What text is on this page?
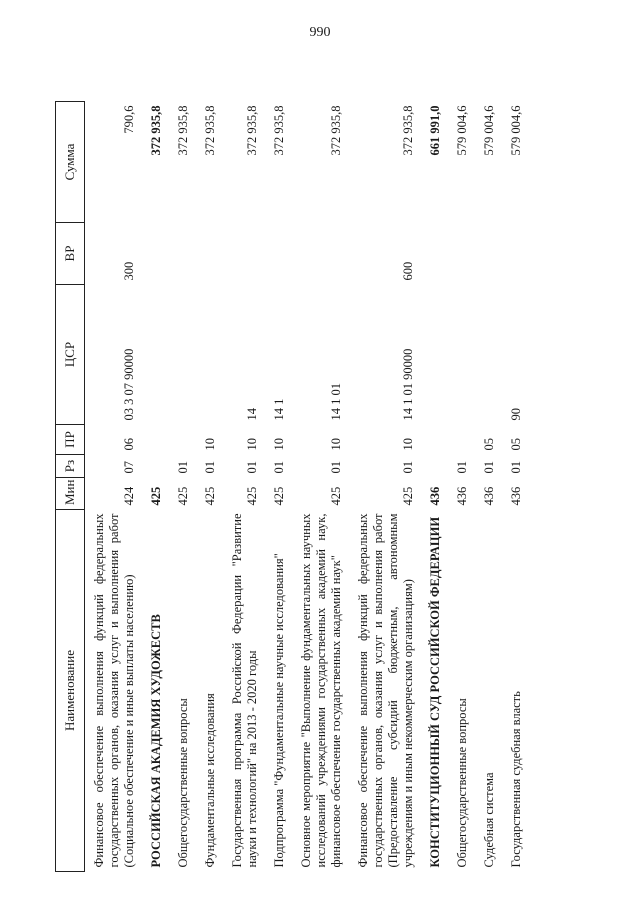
990
Наименование	Мин	Рз	ПР	ЦСР	ВР	Сумма
Финансовое обеспечение выполнения функций федеральных государственных органов, оказания услуг и выполнения работ (Социальное обеспечение и иные выплаты населению)	424	07	06	03 3 07 90000	300	790,6
РОССИЙСКАЯ АКАДЕМИЯ ХУДОЖЕСТВ	425					372 935,8
Общегосударственные вопросы	425	01				372 935,8
Фундаментальные исследования	425	01	10			372 935,8
Государственная программа Российской Федерации "Развитие науки и технологий" на 2013 - 2020 годы	425	01	10	14		372 935,8
Подпрограмма "Фундаментальные научные исследования"	425	01	10	14 1		372 935,8
Основное мероприятие "Выполнение фундаментальных научных исследований учреждениями государственных академий наук, финансовое обеспечение государственных академий наук"	425	01	10	14 1 01		372 935,8
Финансовое обеспечение выполнения функций федеральных государственных органов, оказания услуг и выполнения работ (Предоставление субсидий бюджетным, автономным учреждениям и иным некоммерческим организациям)	425	01	10	14 1 01 90000	600	372 935,8
КОНСТИТУЦИОННЫЙ СУД РОССИЙСКОЙ ФЕДЕРАЦИИ	436					661 991,0
Общегосударственные вопросы	436	01				579 004,6
Судебная система	436	01	05			579 004,6
Государственная судебная власть	436	01	05	90		579 004,6
